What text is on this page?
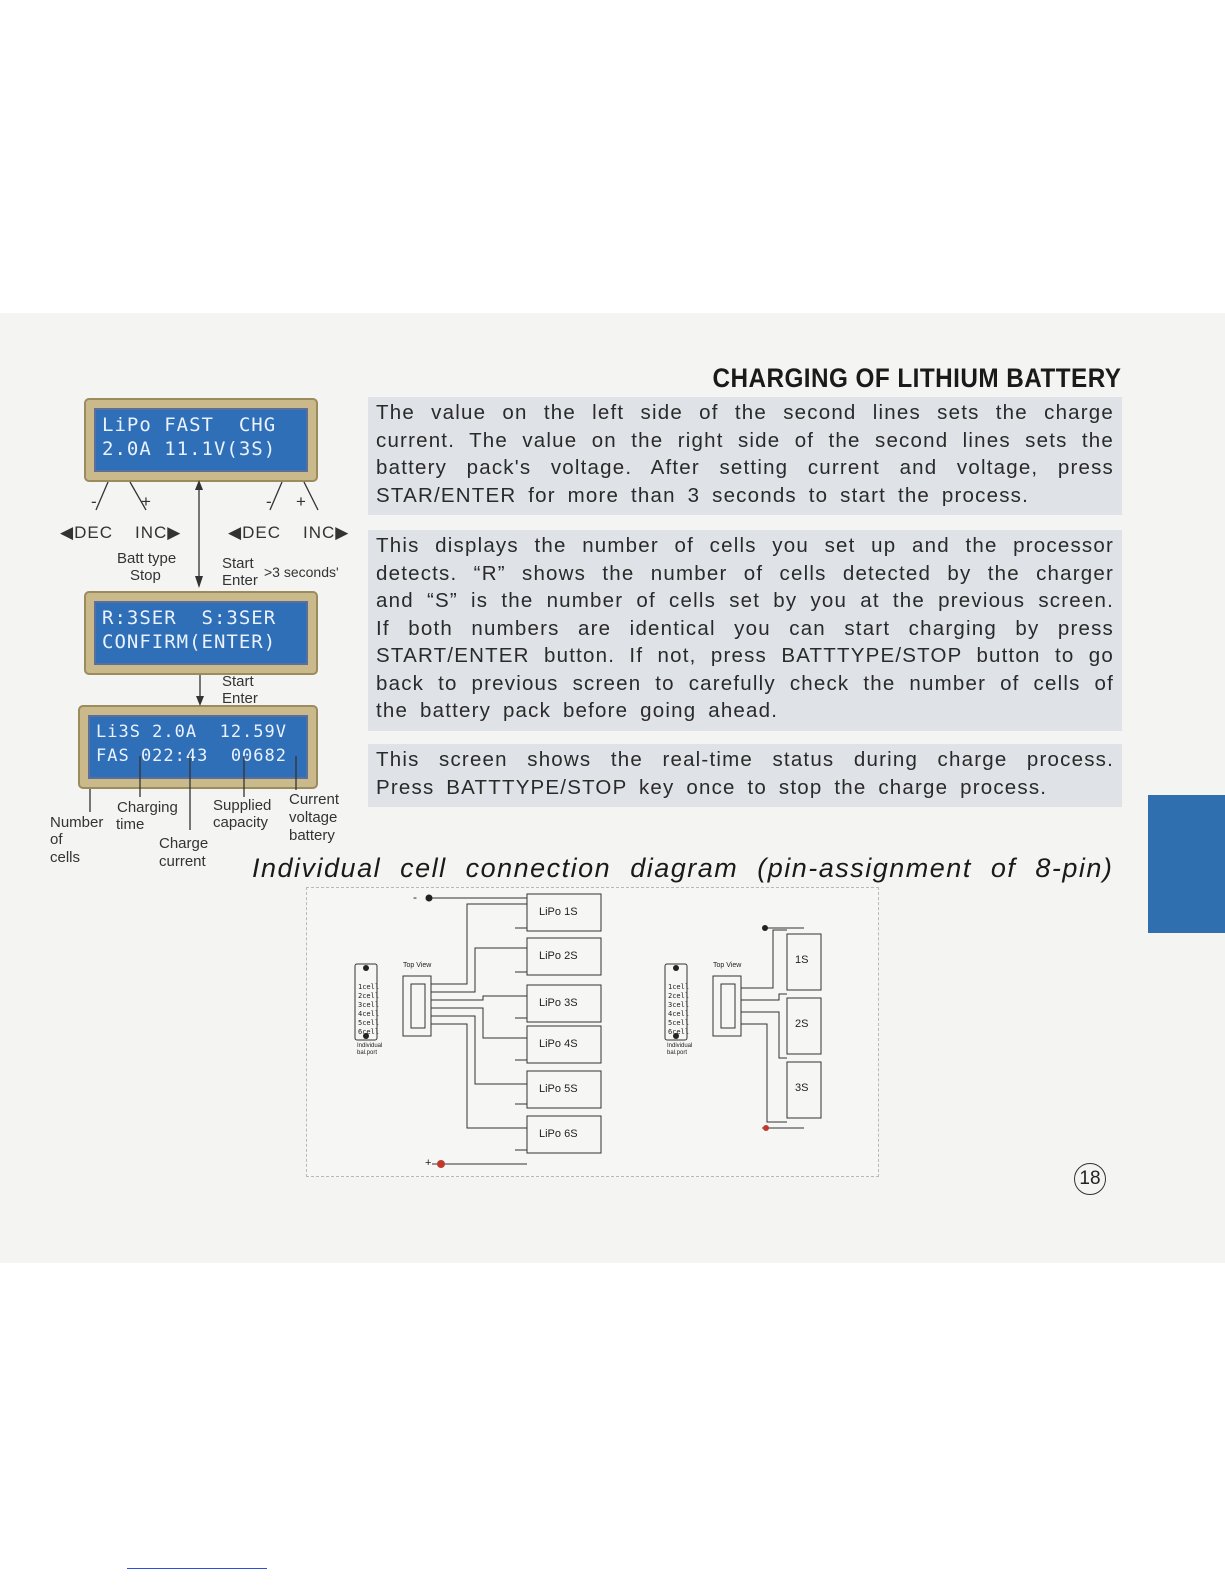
CHARGING OF LITHIUM BATTERY
The value on the left side of the second lines sets the charge current. The value on the right side of the second lines sets the battery pack's voltage. After setting current and voltage, press STAR/ENTER for more than 3 seconds to start the process.
This displays the number of cells you set up and the processor detects. “R” shows the number of cells detected by the charger and “S” is the number of cells set by you at the previous screen. If both numbers are identical you can start charging by press START/ENTER button. If not, press BATTTYPE/STOP button to go back to previous screen to carefully check the number of cells of the battery pack before going ahead.
This screen shows the real-time status during charge process. Press BATTTYPE/STOP key once to stop the charge process.
LiPo FAST  CHG
2.0A 11.1V(3S)
R:3SER  S:3SER
CONFIRM(ENTER)
Li3S 2.0A  12.59V
FAS 022:43  00682
-	+	- +
◀DEC INC▶	◀DEC INC▶
Batt type
Stop
Start
Enter >3 seconds'
Start
Enter
Number
of
cells
Charging
time
Charge
current
Supplied
capacity
Current
voltage
battery
Individual cell connection diagram (pin-assignment of 8-pin)
Top View
1cell
2cell
3cell
4cell
5cell
6cell
Individual
bal.port
-
+
LiPo 1S
LiPo 2S
LiPo 3S
LiPo 4S
LiPo 5S
LiPo 6S
Top View
1cell
2cell
3cell
4cell
5cell
6cell
Individual
bal.port
1S
2S
3S
18
